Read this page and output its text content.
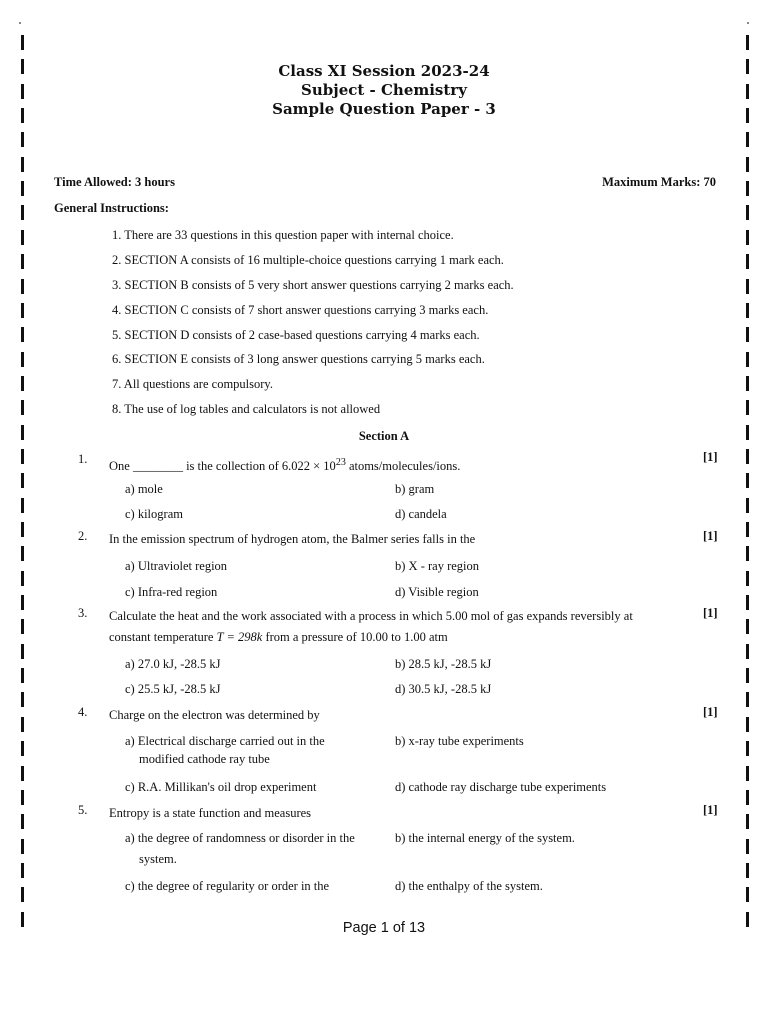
Class XI Session 2023-24
Subject - Chemistry
Sample Question Paper - 3
Time Allowed: 3 hours	Maximum Marks: 70
General Instructions:
1. There are 33 questions in this question paper with internal choice.
2. SECTION A consists of 16 multiple-choice questions carrying 1 mark each.
3. SECTION B consists of 5 very short answer questions carrying 2 marks each.
4. SECTION C consists of 7 short answer questions carrying 3 marks each.
5. SECTION D consists of 2 case-based questions carrying 4 marks each.
6. SECTION E consists of 3 long answer questions carrying 5 marks each.
7. All questions are compulsory.
8. The use of log tables and calculators is not allowed
Section A
1.
One ________ is the collection of $6.022 \times 10^{23}$ atoms/molecules/ions.
[1]
a) mole	b) gram
c) kilogram	d) candela
2. In the emission spectrum of hydrogen atom, the Balmer series falls in the	[1]
a) Ultraviolet region	b) X - ray region
c) Infra-red region	d) Visible region
3. Calculate the heat and the work associated with a process in which 5.00 mol of gas expands reversibly at
constant temperature T = 298k from a pressure of 10.00 to 1.00 atm
[1]
a) 27.0 kJ, -28.5 kJ	b) 28.5 kJ, -28.5 kJ
c) 25.5 kJ, -28.5 kJ	d) 30.5 kJ, -28.5 kJ
4. Charge on the electron was determined by	[1]
a) Electrical discharge carried out in the
modified cathode ray tube
b) x-ray tube experiments
c) R.A. Millikan's oil drop experiment	d) cathode ray discharge tube experiments
5. Entropy is a state function and measures	[1]
a) the degree of randomness or disorder in the
system.
b) the internal energy of the system.
c) the degree of regularity or order in the	d) the enthalpy of the system.
Page 1 of 13
